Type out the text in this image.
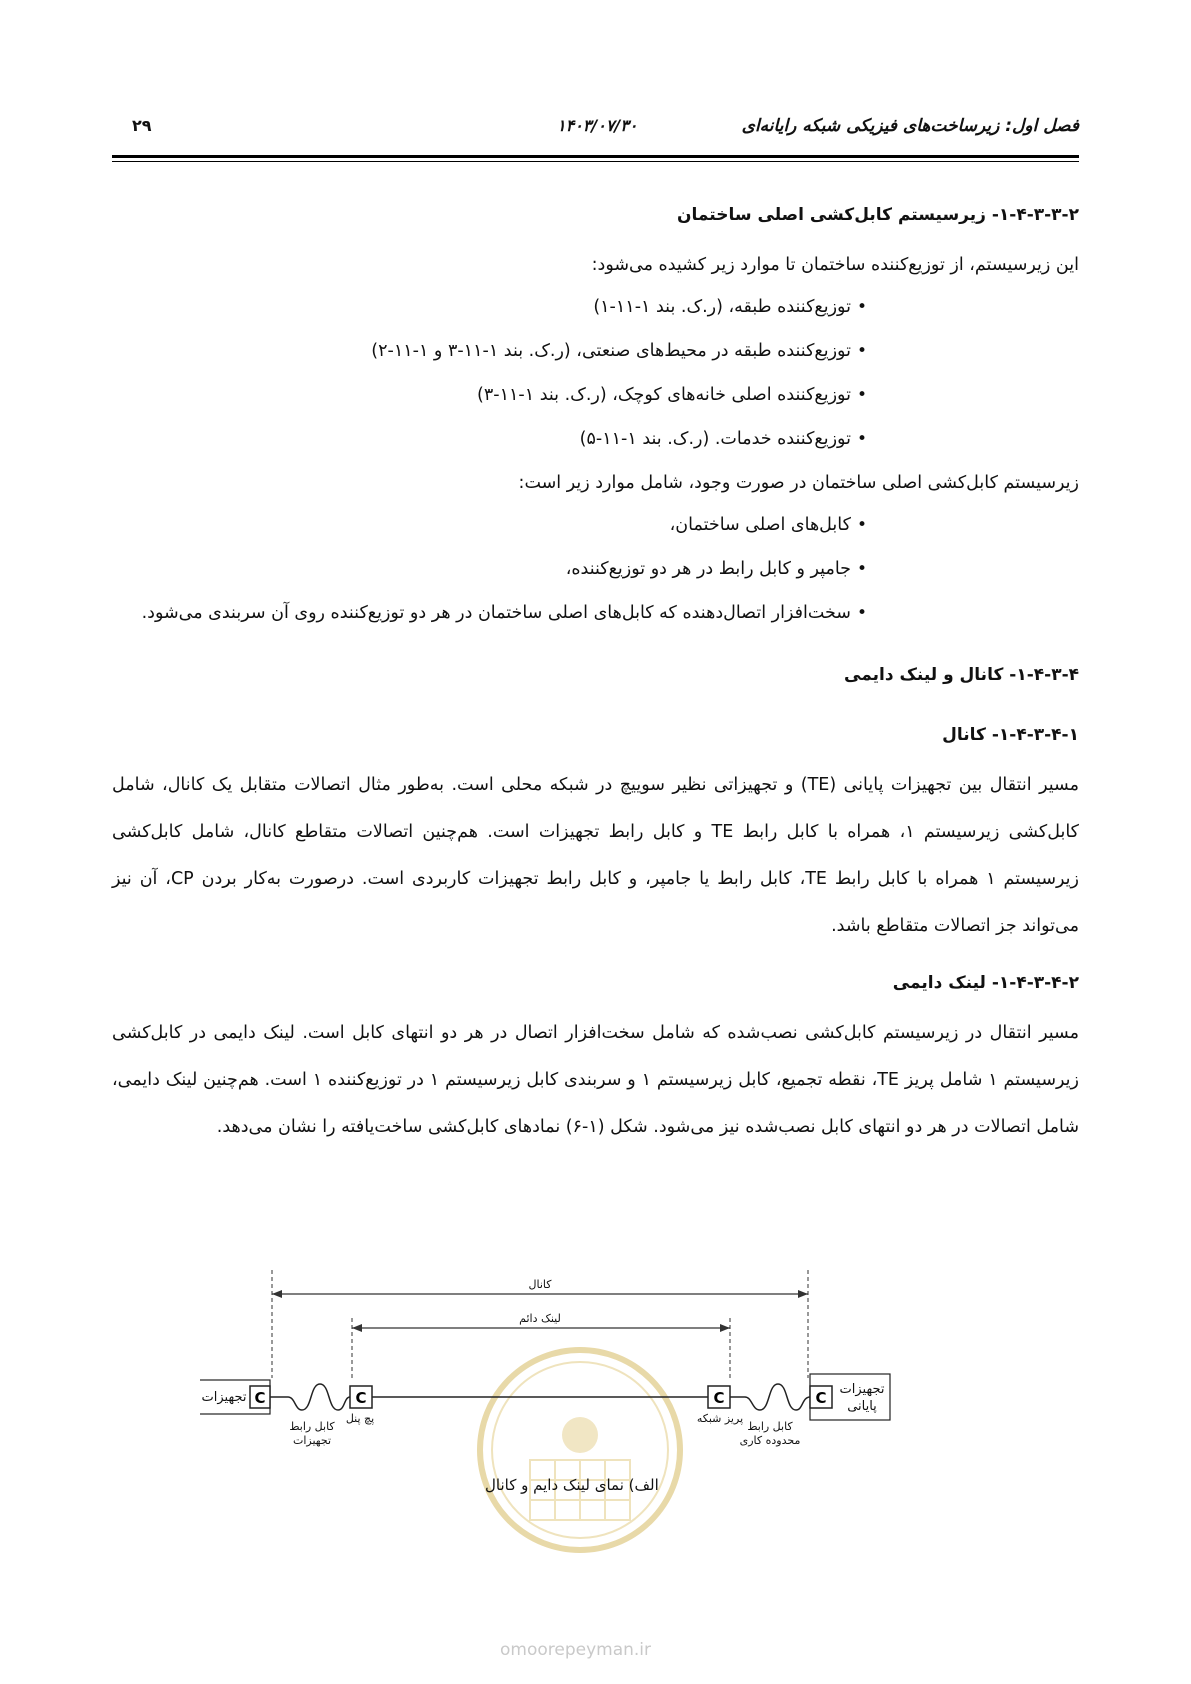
فصل اول: زیرساخت‌های فیزیکی شبکه رایانه‌ای
۱۴۰۳/۰۷/۳۰
۲۹
۱-۴-۳-۳-۲- زیرسیستم کابل‌کشی اصلی ساختمان
این زیرسیستم، از توزیع‌کننده ساختمان تا موارد زیر کشیده می‌شود:
•توزیع‌کننده طبقه، (ر.ک. بند ۱-۱۱-۱)
•توزیع‌کننده طبقه در محیط‌های صنعتی، (ر.ک. بند ۱-۱۱-۳ و ۱-۱۱-۲)
•توزیع‌کننده اصلی خانه‌های کوچک، (ر.ک. بند ۱-۱۱-۳)
•توزیع‌کننده خدمات. (ر.ک. بند ۱-۱۱-۵)
زیرسیستم کابل‌کشی اصلی ساختمان در صورت وجود، شامل موارد زیر است:
•کابل‌های اصلی ساختمان،
•جامپر و کابل رابط در هر دو توزیع‌کننده،
•سخت‌افزار اتصال‌دهنده که کابل‌های اصلی ساختمان در هر دو توزیع‌کننده روی آن سربندی می‌شود.
۱-۴-۳-۴- کانال و لینک دایمی
۱-۴-۳-۴-۱- کانال
مسیر انتقال بین تجهیزات پایانی (TE) و تجهیزاتی نظیر سوییچ در شبکه محلی است. به‌طور مثال اتصالات متقابل یک کانال، شامل کابل‌کشی زیرسیستم ۱، همراه با کابل رابط TE و کابل رابط تجهیزات است. هم‌چنین اتصالات متقاطع کانال، شامل کابل‌کشی زیرسیستم ۱ همراه با کابل رابط TE، کابل رابط یا جامپر، و کابل رابط تجهیزات کاربردی است. درصورت به‌کار بردن CP، آن نیز می‌تواند جز اتصالات متقاطع باشد.
۱-۴-۳-۴-۲- لینک دایمی
مسیر انتقال در زیرسیستم کابل‌کشی نصب‌شده که شامل سخت‌افزار اتصال در هر دو انتهای کابل است. لینک دایمی در کابل‌کشی زیرسیستم ۱ شامل پریز TE، نقطه تجمیع، کابل زیرسیستم ۱ و سربندی کابل زیرسیستم ۱ در توزیع‌کننده ۱ است. هم‌چنین لینک دایمی، شامل اتصالات در هر دو انتهای کابل نصب‌شده نیز می‌شود. شکل (۱-۶) نمادهای کابل‌کشی ساخت‌یافته را نشان می‌دهد.
omoorepeyman.ir
کانال
لینک دائم
C
تجهیزات
کابل رابط
تجهیزات
C
پچ پنل
C
پریز شبکه
کابل رابط
محدوده کاری
C تجهیزات
پایانی
الف) نمای لینک دایم و کانال
